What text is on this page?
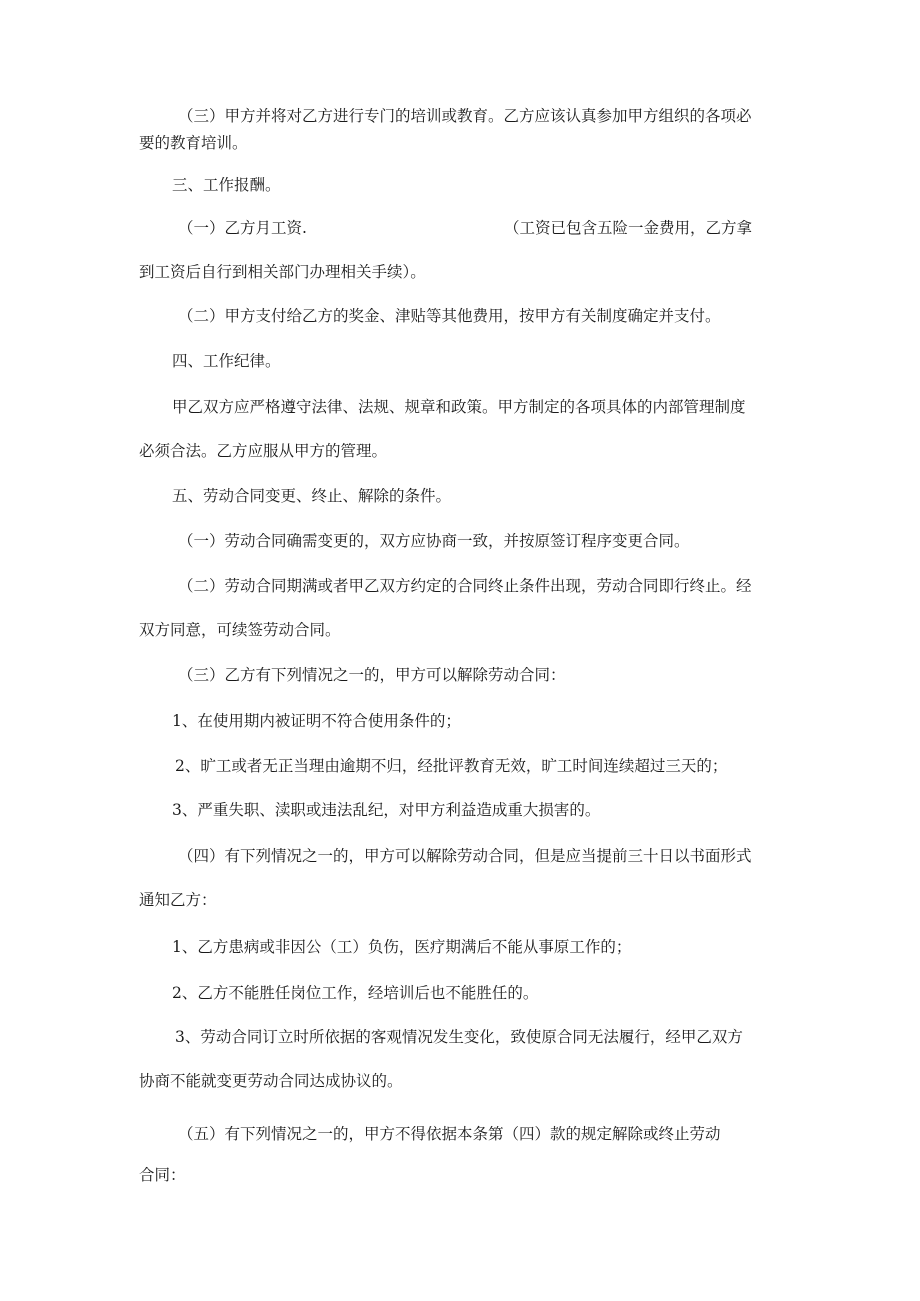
（三）甲方并将对乙方进行专门的培训或教育。乙方应该认真参加甲方组织的各项必
要的教育培训。
三、工作报酬。
（一）乙方月工资.	（工资已包含五险一金费用，乙方拿
到工资后自行到相关部门办理相关手续）。
（二）甲方支付给乙方的奖金、津贴等其他费用，按甲方有关制度确定并支付。
四、工作纪律。
甲乙双方应严格遵守法律、法规、规章和政策。甲方制定的各项具体的内部管理制度
必须合法。乙方应服从甲方的管理。
五、劳动合同变更、终止、解除的条件。
（一）劳动合同确需变更的，双方应协商一致，并按原签订程序变更合同。
（二）劳动合同期满或者甲乙双方约定的合同终止条件出现，劳动合同即行终止。经
双方同意，可续签劳动合同。
（三）乙方有下列情况之一的，甲方可以解除劳动合同：
1、在使用期内被证明不符合使用条件的；
2、旷工或者无正当理由逾期不归，经批评教育无效，旷工时间连续超过三天的；
3、严重失职、渎职或违法乱纪，对甲方利益造成重大损害的。
（四）有下列情况之一的，甲方可以解除劳动合同，但是应当提前三十日以书面形式
通知乙方：
1、乙方患病或非因公（工）负伤，医疗期满后不能从事原工作的；
2、乙方不能胜任岗位工作，经培训后也不能胜任的。
3、劳动合同订立时所依据的客观情况发生变化，致使原合同无法履行，经甲乙双方
协商不能就变更劳动合同达成协议的。
（五）有下列情况之一的，甲方不得依据本条第（四）款的规定解除或终止劳动
合同：
